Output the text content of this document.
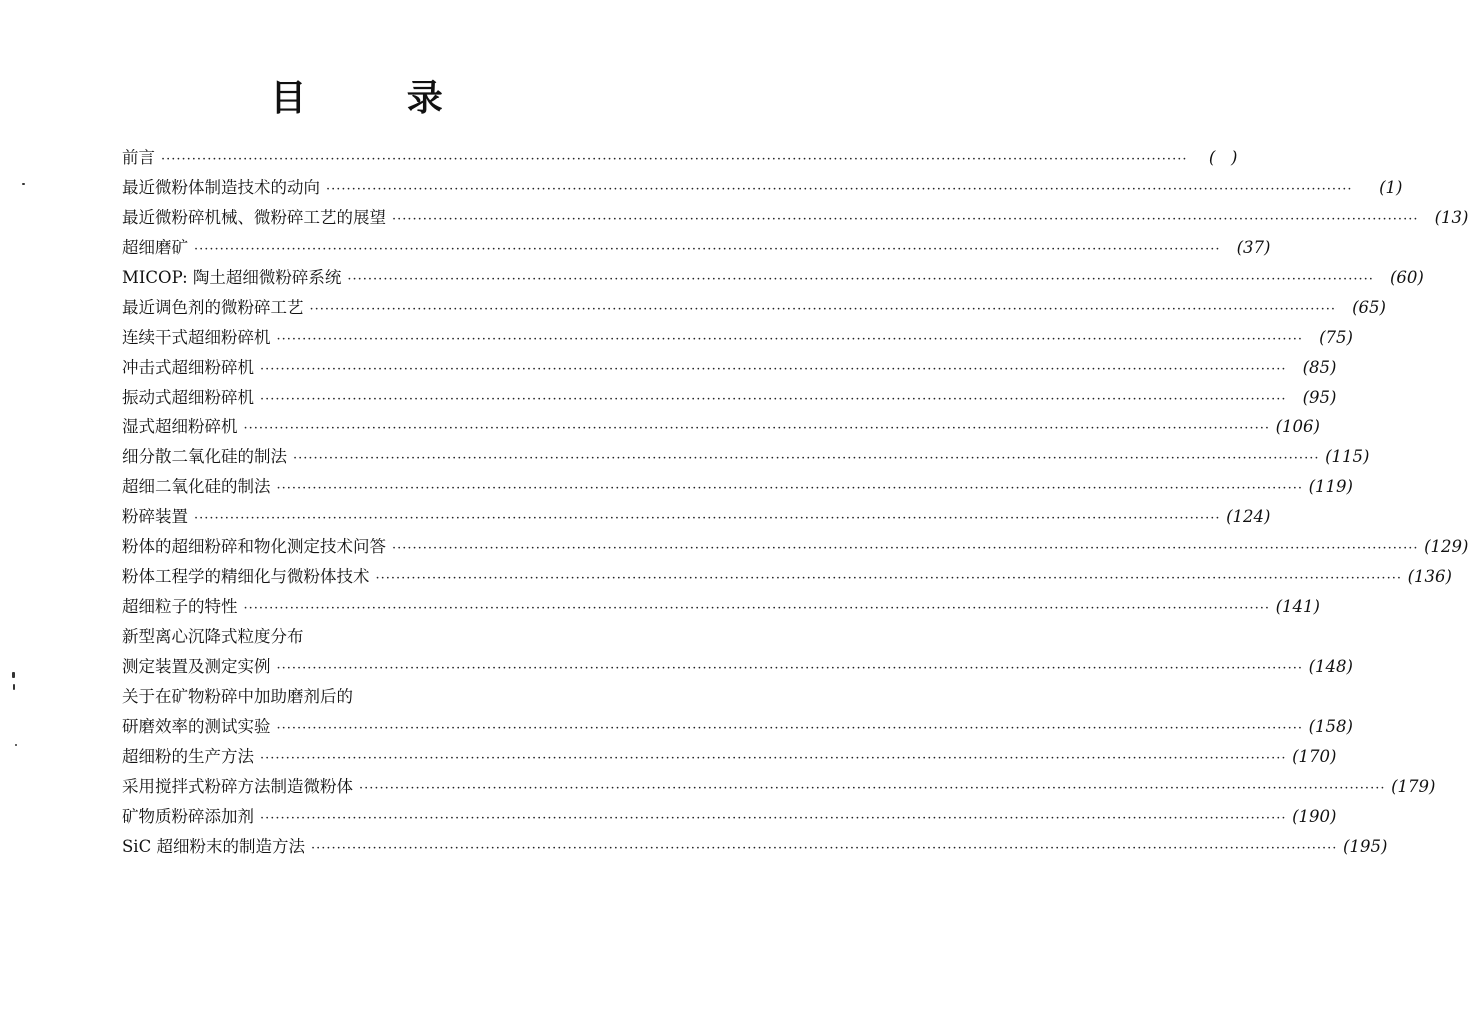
目 录
前言 ········································································································································································································	(   )
最近微粉体制造技术的动向 ········································································································································································································	(1)
最近微粉碎机械、微粉碎工艺的展望 ········································································································································································································ (13)
超细磨矿 ········································································································································································································ (37)
MICOP: 陶土超细微粉碎系统 ········································································································································································································ (60)
最近调色剂的微粉碎工艺 ········································································································································································································ (65)
连续干式超细粉碎机 ········································································································································································································ (75)
冲击式超细粉碎机 ········································································································································································································ (85)
振动式超细粉碎机 ········································································································································································································ (95)
湿式超细粉碎机 ········································································································································································································ (106)
细分散二氧化硅的制法 ········································································································································································································ (115)
超细二氧化硅的制法 ········································································································································································································ (119)
粉碎装置 ········································································································································································································ (124)
粉体的超细粉碎和物化测定技术问答 ········································································································································································································ (129)
粉体工程学的精细化与微粉体技术 ········································································································································································································ (136)
超细粒子的特性 ········································································································································································································ (141)
新型离心沉降式粒度分布
测定装置及测定实例 ········································································································································································································ (148)
关于在矿物粉碎中加助磨剂后的
研磨效率的测试实验 ········································································································································································································ (158)
超细粉的生产方法 ········································································································································································································ (170)
采用搅拌式粉碎方法制造微粉体 ········································································································································································································ (179)
矿物质粉碎添加剂 ········································································································································································································ (190)
SiC 超细粉末的制造方法 ········································································································································································································ (195)
